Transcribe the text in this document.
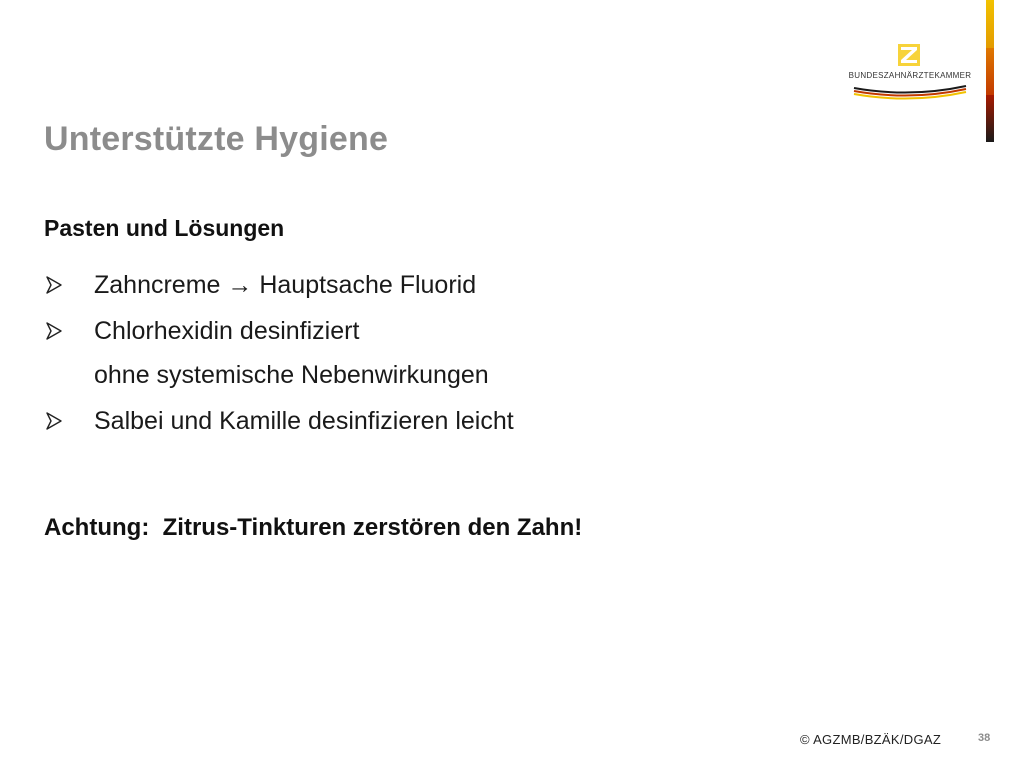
BUNDESZAHNÄRZTEKAMMER
Unterstützte Hygiene
Pasten und Lösungen
Zahncreme → Hauptsache Fluorid
Chlorhexidin desinfiziert
ohne systemische Nebenwirkungen
Salbei und Kamille desinfizieren leicht

Achtung:  Zitrus-Tinkturen zerstören den Zahn!

© AGZMB/BZÄK/DGAZ	38
